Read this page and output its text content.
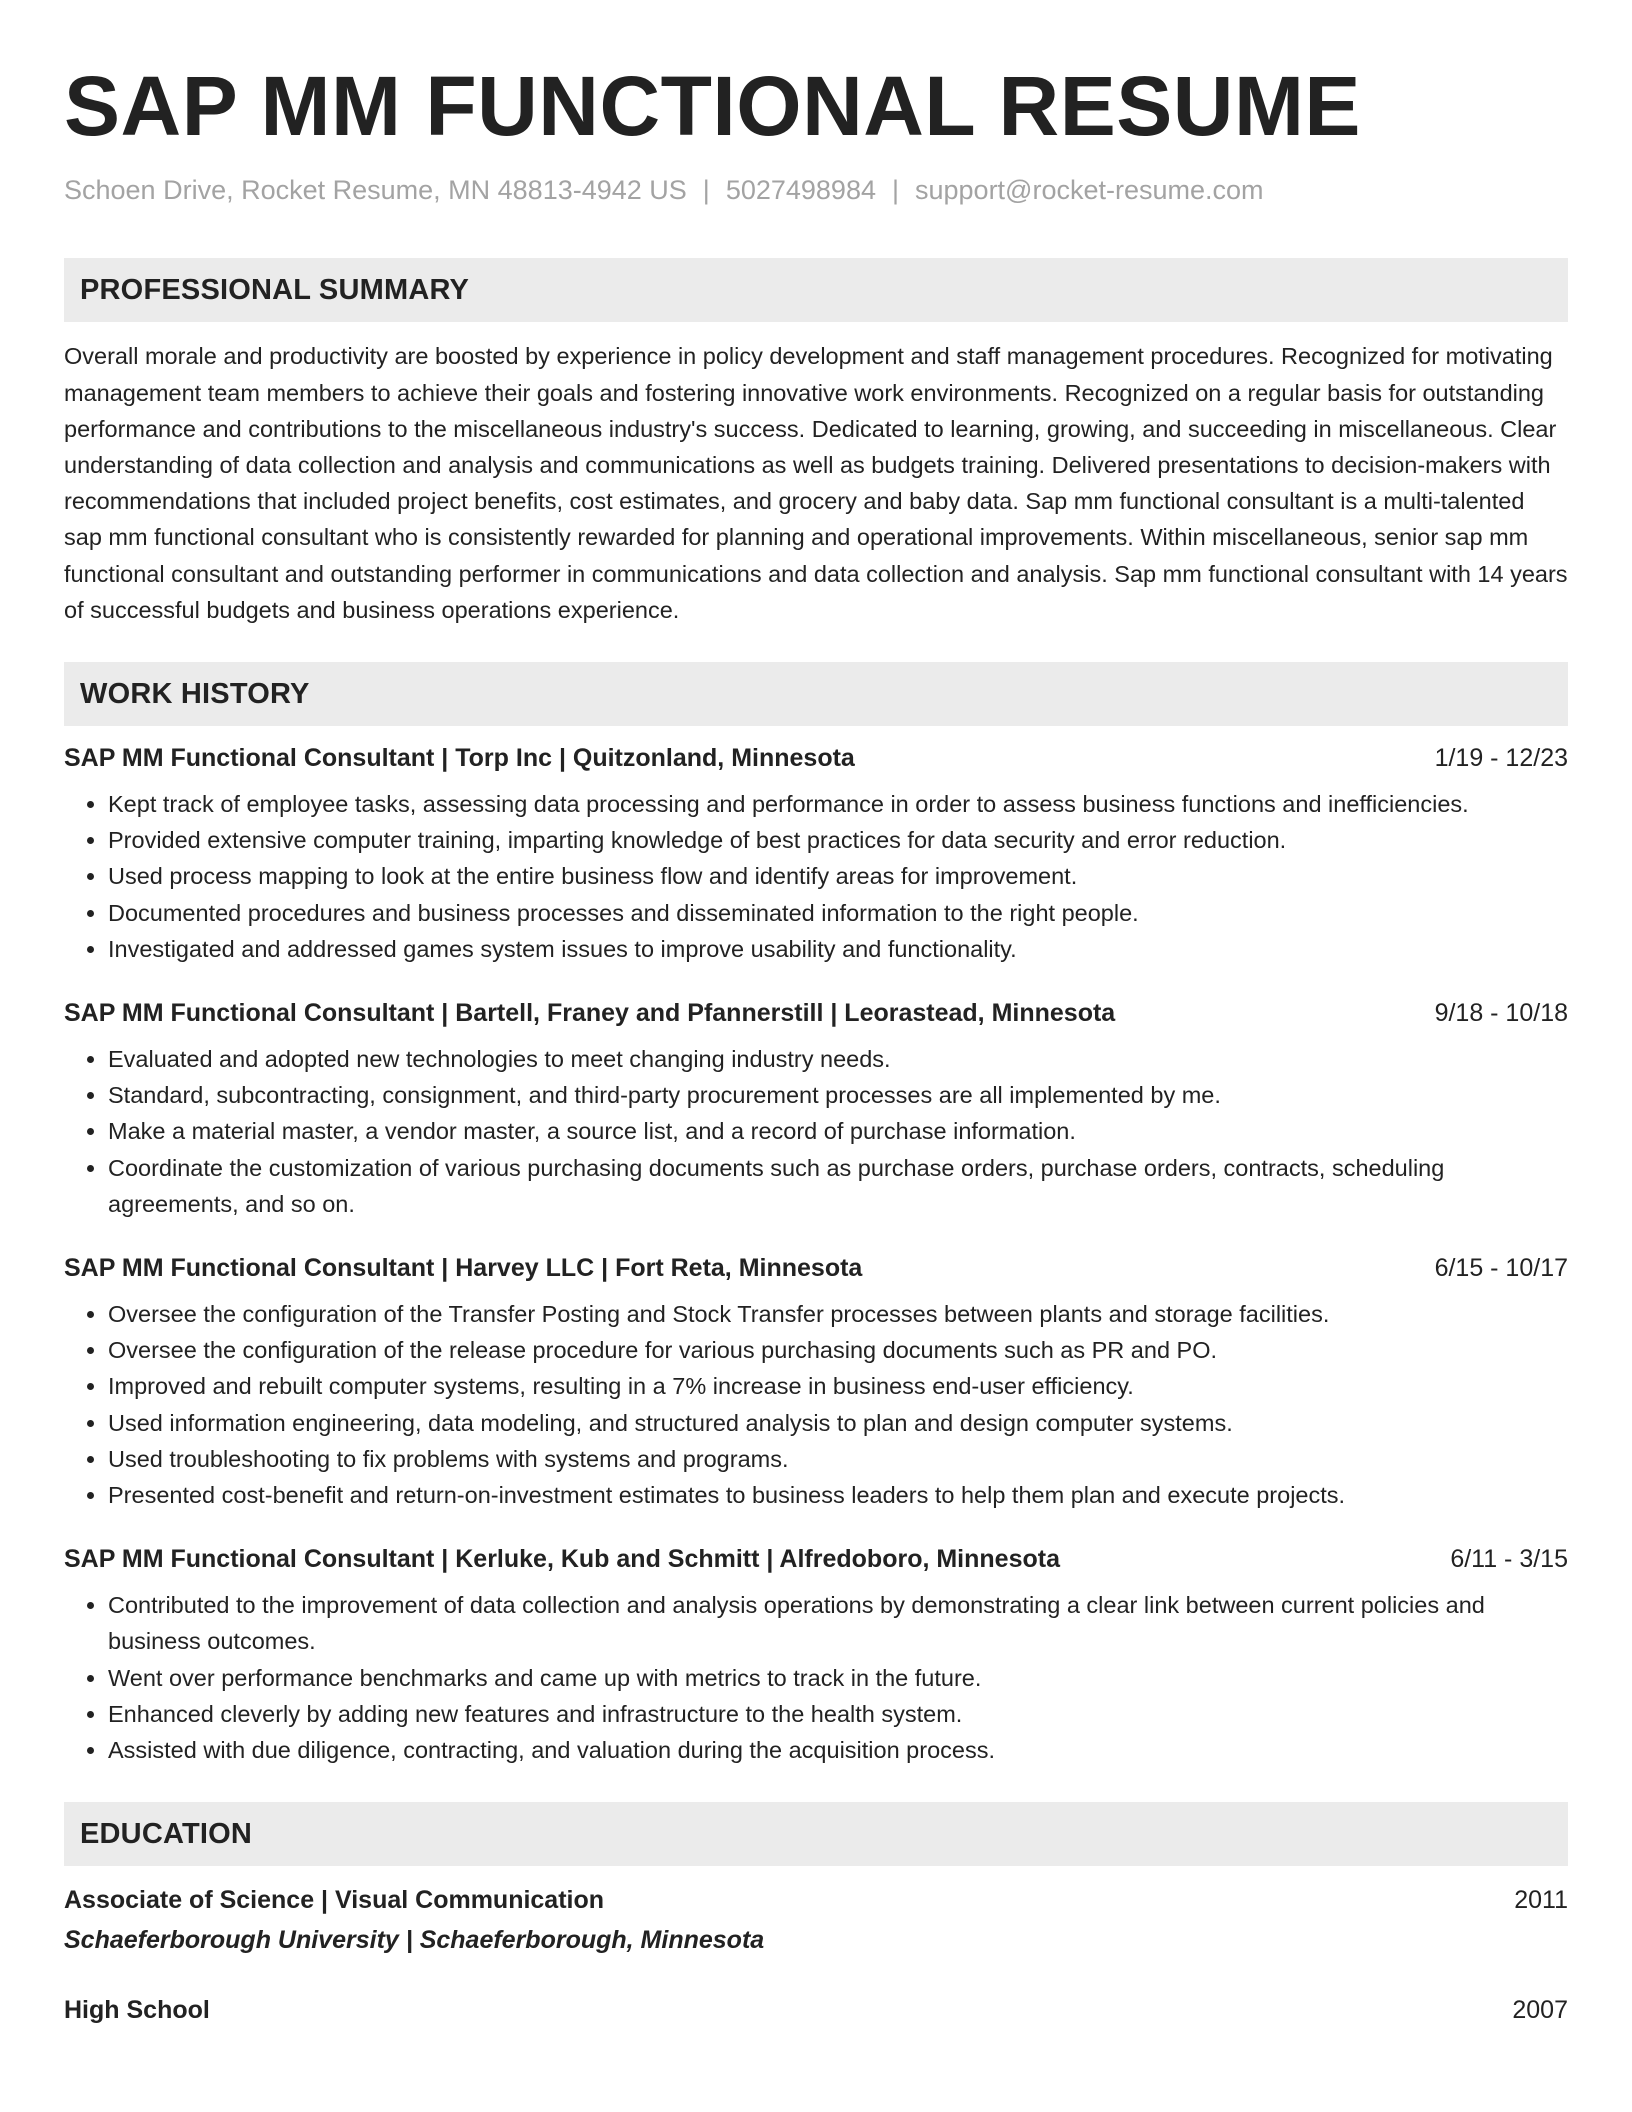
SAP MM FUNCTIONAL RESUME
Schoen Drive, Rocket Resume, MN 48813-4942 US | 5027498984 | support@rocket-resume.com
PROFESSIONAL SUMMARY
Overall morale and productivity are boosted by experience in policy development and staff management procedures. Recognized for motivating management team members to achieve their goals and fostering innovative work environments. Recognized on a regular basis for outstanding performance and contributions to the miscellaneous industry's success. Dedicated to learning, growing, and succeeding in miscellaneous. Clear understanding of data collection and analysis and communications as well as budgets training. Delivered presentations to decision-makers with recommendations that included project benefits, cost estimates, and grocery and baby data. Sap mm functional consultant is a multi-talented sap mm functional consultant who is consistently rewarded for planning and operational improvements. Within miscellaneous, senior sap mm functional consultant and outstanding performer in communications and data collection and analysis. Sap mm functional consultant with 14 years of successful budgets and business operations experience.
WORK HISTORY
SAP MM Functional Consultant | Torp Inc | Quitzonland, Minnesota	1/19 - 12/23
• Kept track of employee tasks, assessing data processing and performance in order to assess business functions and inefficiencies.
• Provided extensive computer training, imparting knowledge of best practices for data security and error reduction.
• Used process mapping to look at the entire business flow and identify areas for improvement.
• Documented procedures and business processes and disseminated information to the right people.
• Investigated and addressed games system issues to improve usability and functionality.
SAP MM Functional Consultant | Bartell, Franey and Pfannerstill | Leorastead, Minnesota	9/18 - 10/18
• Evaluated and adopted new technologies to meet changing industry needs.
• Standard, subcontracting, consignment, and third-party procurement processes are all implemented by me.
• Make a material master, a vendor master, a source list, and a record of purchase information.
• Coordinate the customization of various purchasing documents such as purchase orders, purchase orders, contracts, scheduling agreements, and so on.
SAP MM Functional Consultant | Harvey LLC | Fort Reta, Minnesota	6/15 - 10/17
• Oversee the configuration of the Transfer Posting and Stock Transfer processes between plants and storage facilities.
• Oversee the configuration of the release procedure for various purchasing documents such as PR and PO.
• Improved and rebuilt computer systems, resulting in a 7% increase in business end-user efficiency.
• Used information engineering, data modeling, and structured analysis to plan and design computer systems.
• Used troubleshooting to fix problems with systems and programs.
• Presented cost-benefit and return-on-investment estimates to business leaders to help them plan and execute projects.
SAP MM Functional Consultant | Kerluke, Kub and Schmitt | Alfredoboro, Minnesota	6/11 - 3/15
• Contributed to the improvement of data collection and analysis operations by demonstrating a clear link between current policies and business outcomes.
• Went over performance benchmarks and came up with metrics to track in the future.
• Enhanced cleverly by adding new features and infrastructure to the health system.
• Assisted with due diligence, contracting, and valuation during the acquisition process.
EDUCATION
Associate of Science | Visual Communication	2011
Schaeferborough University | Schaeferborough, Minnesota
High School	2007
